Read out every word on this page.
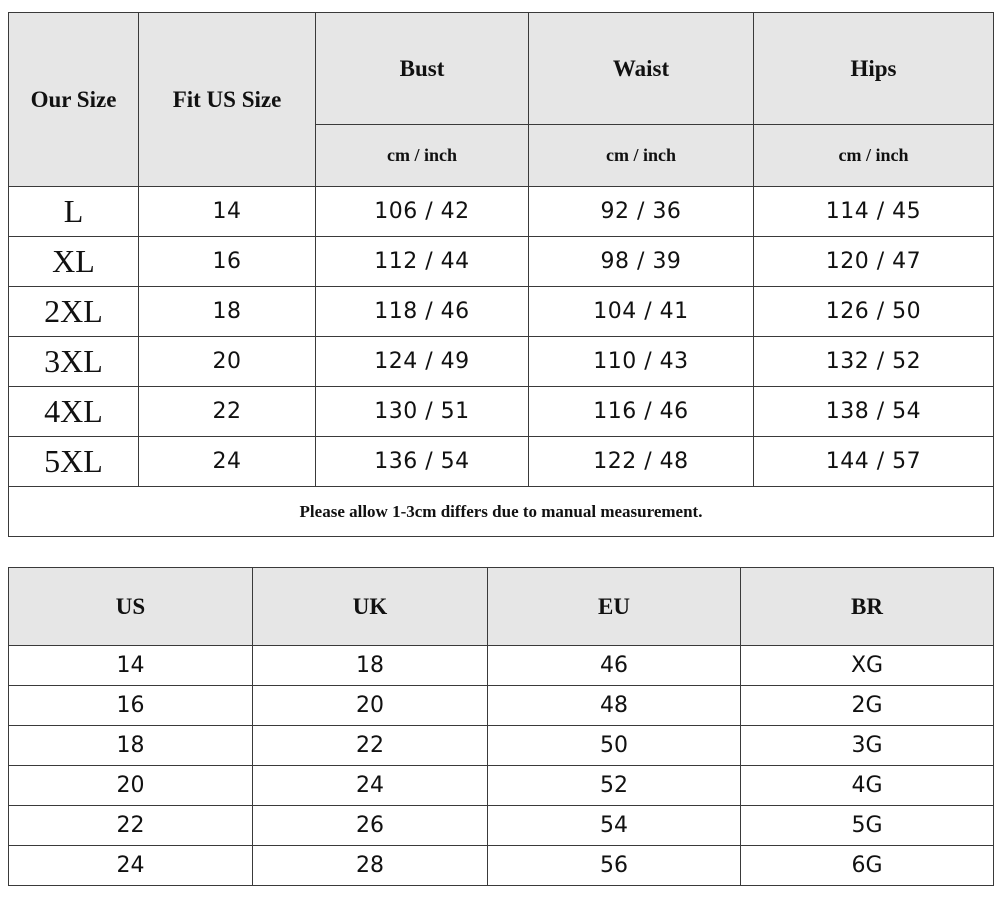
Our Size	Fit US Size	Bust	Waist	Hips
		cm / inch	cm / inch	cm / inch
L	14	106 / 42	92 / 36	114 / 45
XL	16	112 / 44	98 / 39	120 / 47
2XL	18	118 / 46	104 / 41	126 / 50
3XL	20	124 / 49	110 / 43	132 / 52
4XL	22	130 / 51	116 / 46	138 / 54
5XL	24	136 / 54	122 / 48	144 / 57
Please allow 1-3cm differs due to manual measurement.				
US	UK	EU	BR
14	18	46	XG
16	20	48	2G
18	22	50	3G
20	24	52	4G
22	26	54	5G
24	28	56	6G
